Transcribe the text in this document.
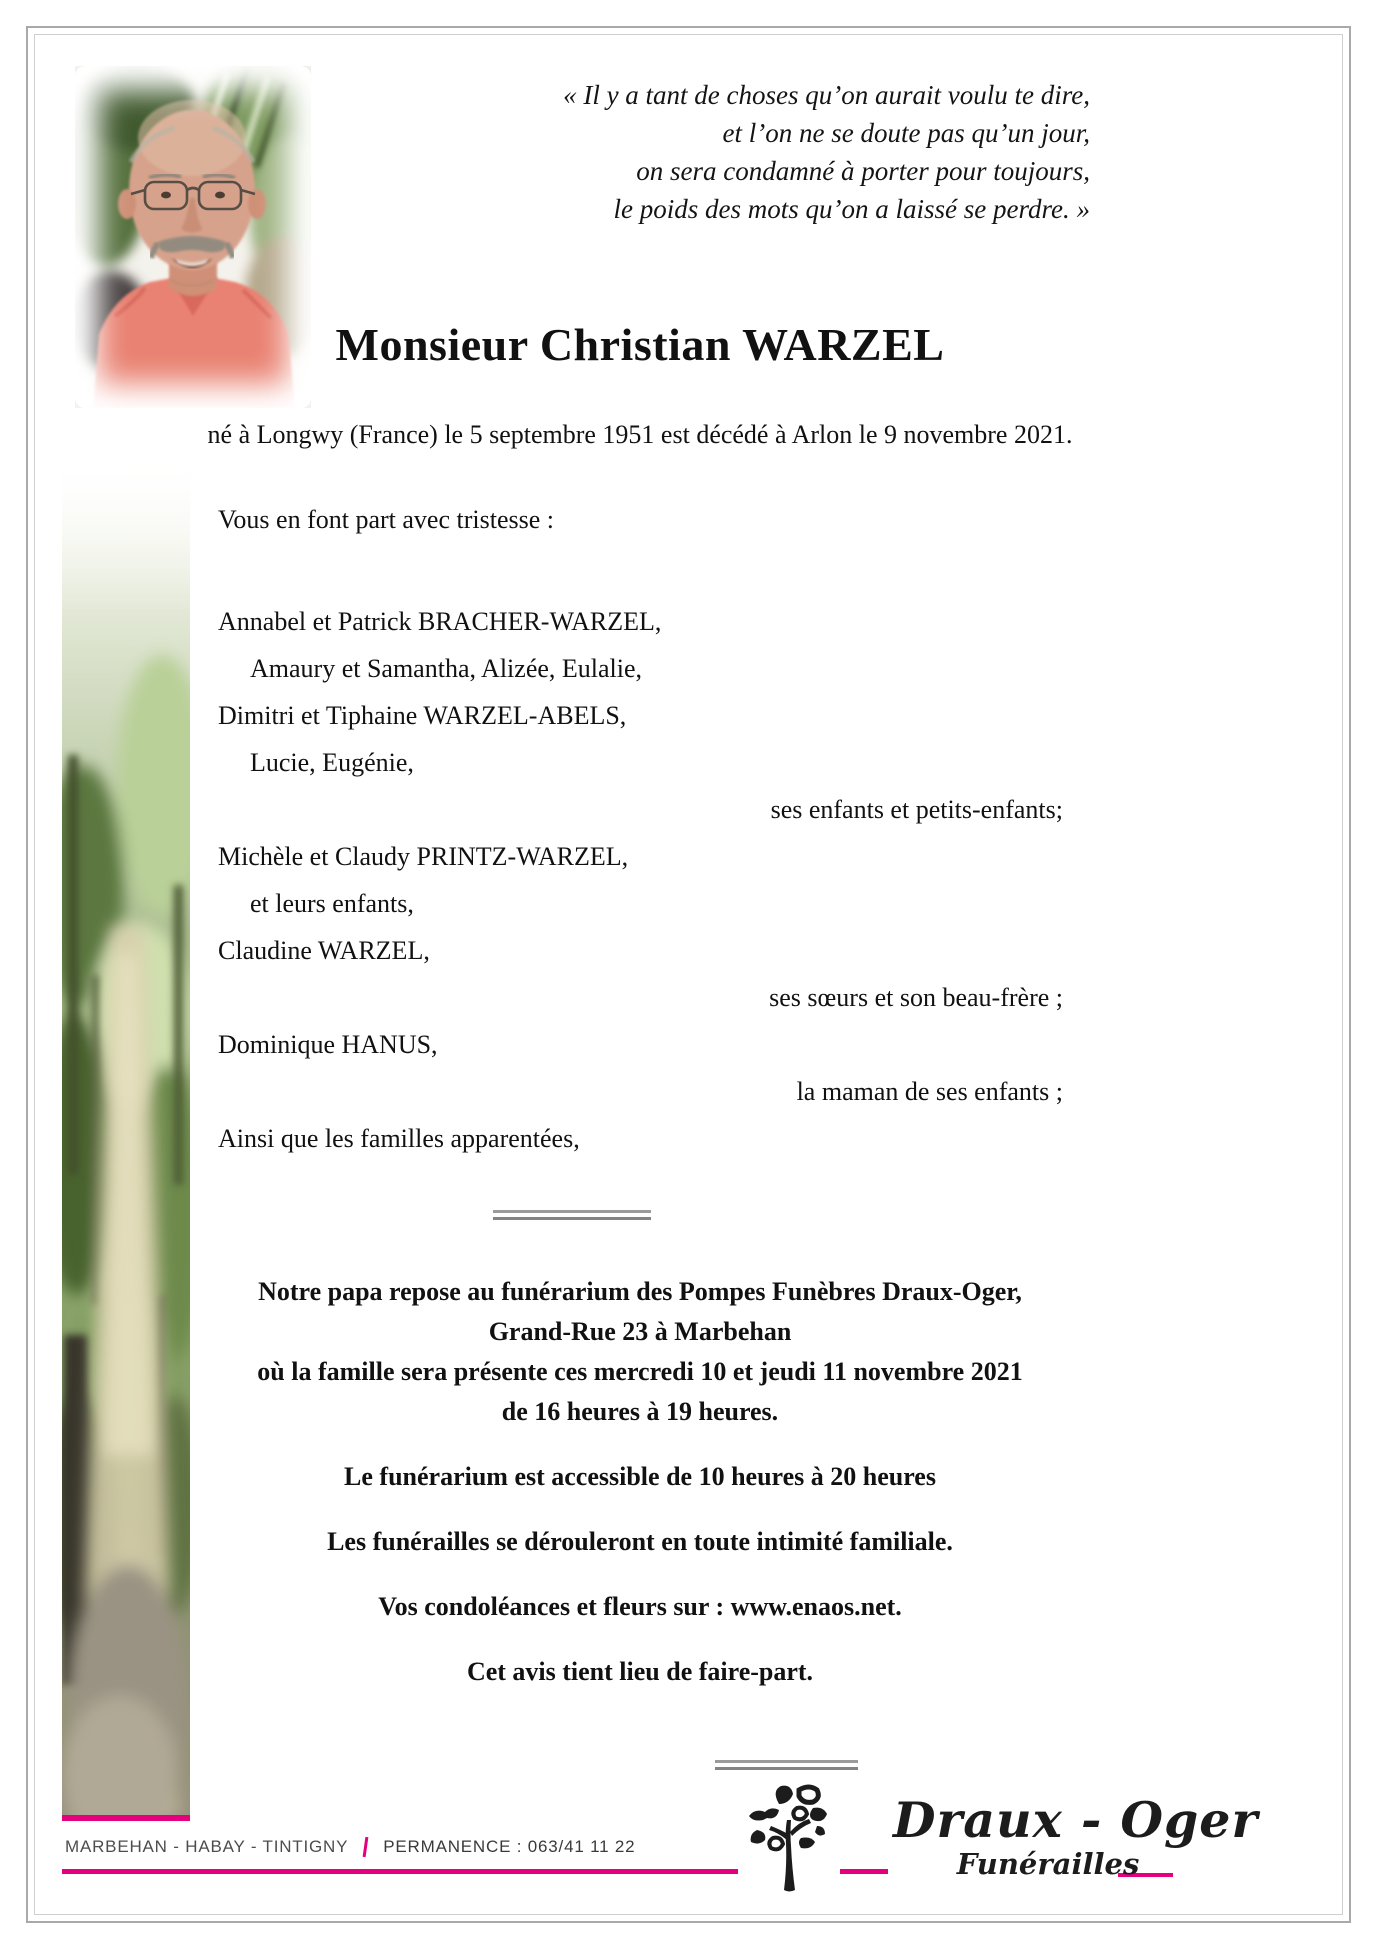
« Il y a tant de choses qu’on aurait voulu te dire,
et l’on ne se doute pas qu’un jour,
on sera condamné à porter pour toujours,
le poids des mots qu’on a laissé se perdre. »
Monsieur Christian WARZEL
né à Longwy (France) le 5 septembre 1951 est décédé à Arlon le 9 novembre 2021.
Vous en font part avec tristesse :
Annabel et Patrick BRACHER-WARZEL,
Amaury et Samantha, Alizée, Eulalie,
Dimitri et Tiphaine WARZEL-ABELS,
Lucie, Eugénie,
ses enfants et petits-enfants;
Michèle et Claudy PRINTZ-WARZEL,
et leurs enfants,
Claudine WARZEL,
ses sœurs et son beau-frère ;
Dominique HANUS,
la maman de ses enfants ;
Ainsi que les familles apparentées,
Notre papa repose au funérarium des Pompes Funèbres Draux-Oger,
Grand-Rue 23 à Marbehan
où la famille sera présente ces mercredi 10 et jeudi 11 novembre 2021
de 16 heures à 19 heures.
Le funérarium est accessible de 10 heures à 20 heures
Les funérailles se dérouleront en toute intimité familiale.
Vos condoléances et fleurs sur : www.enaos.net.
Cet avis tient lieu de faire-part.
MARBEHAN - HABAY - TINTIGNY PERMANENCE : 063/41 11 22	Draux - Oger
Funérailles
